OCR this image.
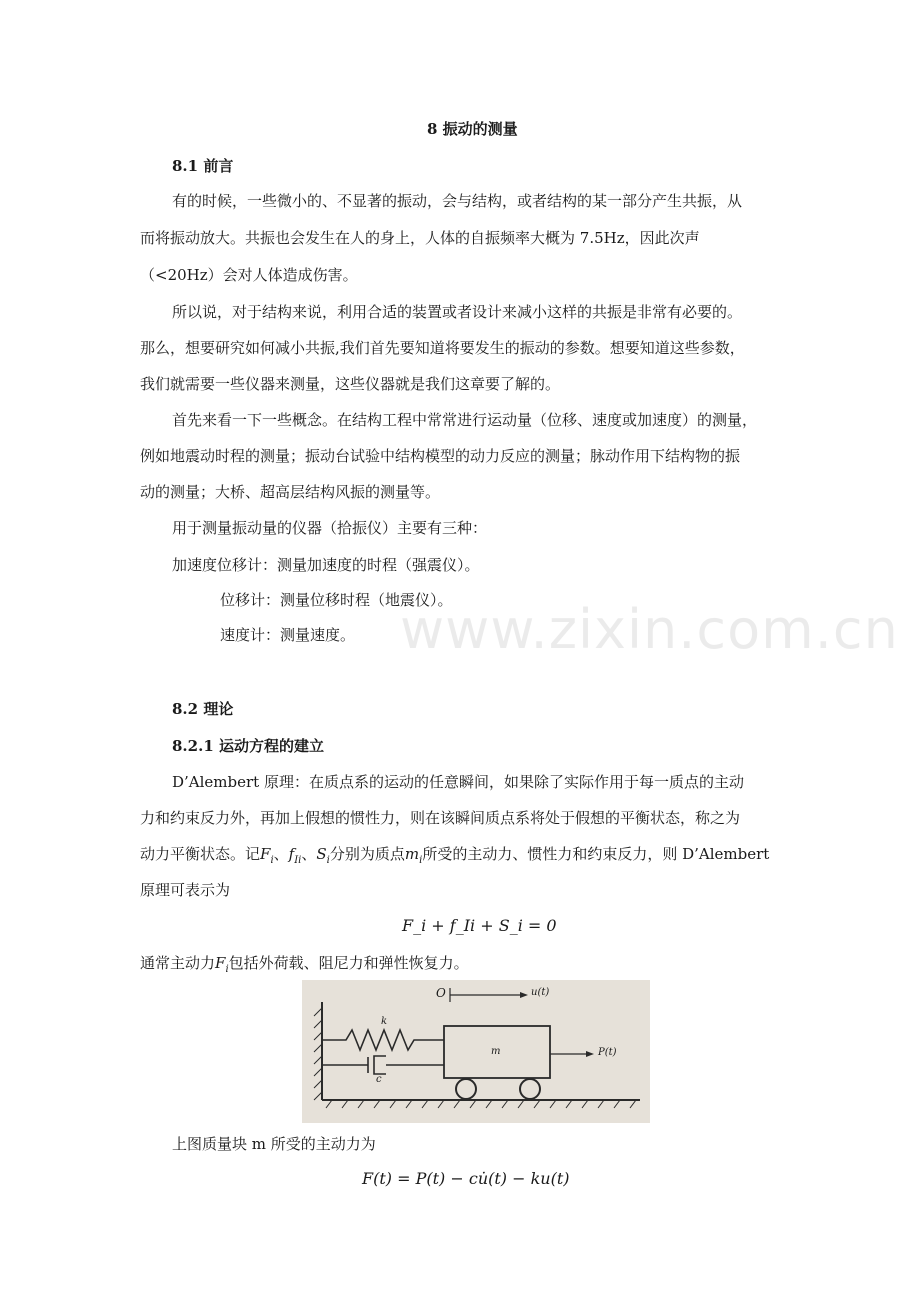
www.zixin.com.cn
8 振动的测量
8.1 前言
有的时候，一些微小的、不显著的振动，会与结构，或者结构的某一部分产生共振，从
而将振动放大。共振也会发生在人的身上，人体的自振频率大概为 7.5Hz，因此次声
（<20Hz）会对人体造成伤害。
所以说，对于结构来说，利用合适的装置或者设计来减小这样的共振是非常有必要的。
那么，想要研究如何减小共振,我们首先要知道将要发生的振动的参数。想要知道这些参数，
我们就需要一些仪器来测量，这些仪器就是我们这章要了解的。
首先来看一下一些概念。在结构工程中常常进行运动量（位移、速度或加速度）的测量，
例如地震动时程的测量；振动台试验中结构模型的动力反应的测量；脉动作用下结构物的振
动的测量；大桥、超高层结构风振的测量等。
用于测量振动量的仪器（拾振仪）主要有三种：
加速度位移计：测量加速度的时程（强震仪）。
位移计：测量位移时程（地震仪）。
速度计：测量速度。
8.2 理论
8.2.1 运动方程的建立
D’Alembert 原理：在质点系的运动的任意瞬间，如果除了实际作用于每一质点的主动
力和约束反力外，再加上假想的惯性力，则在该瞬间质点系将处于假想的平衡状态，称之为
动力平衡状态。记$F_i$、$f_{Ii}$、$S_i$分别为质点$m_i$所受的主动力、惯性力和约束反力，则 D’Alembert
原理可表示为
F_i + f_Ii + S_i = 0
通常主动力$F_i$包括外荷载、阻尼力和弹性恢复力。
O	u(t)
k
c
m	P(t)
上图质量块 m 所受的主动力为
F(t) = P(t) − cu̇(t) − ku(t)
